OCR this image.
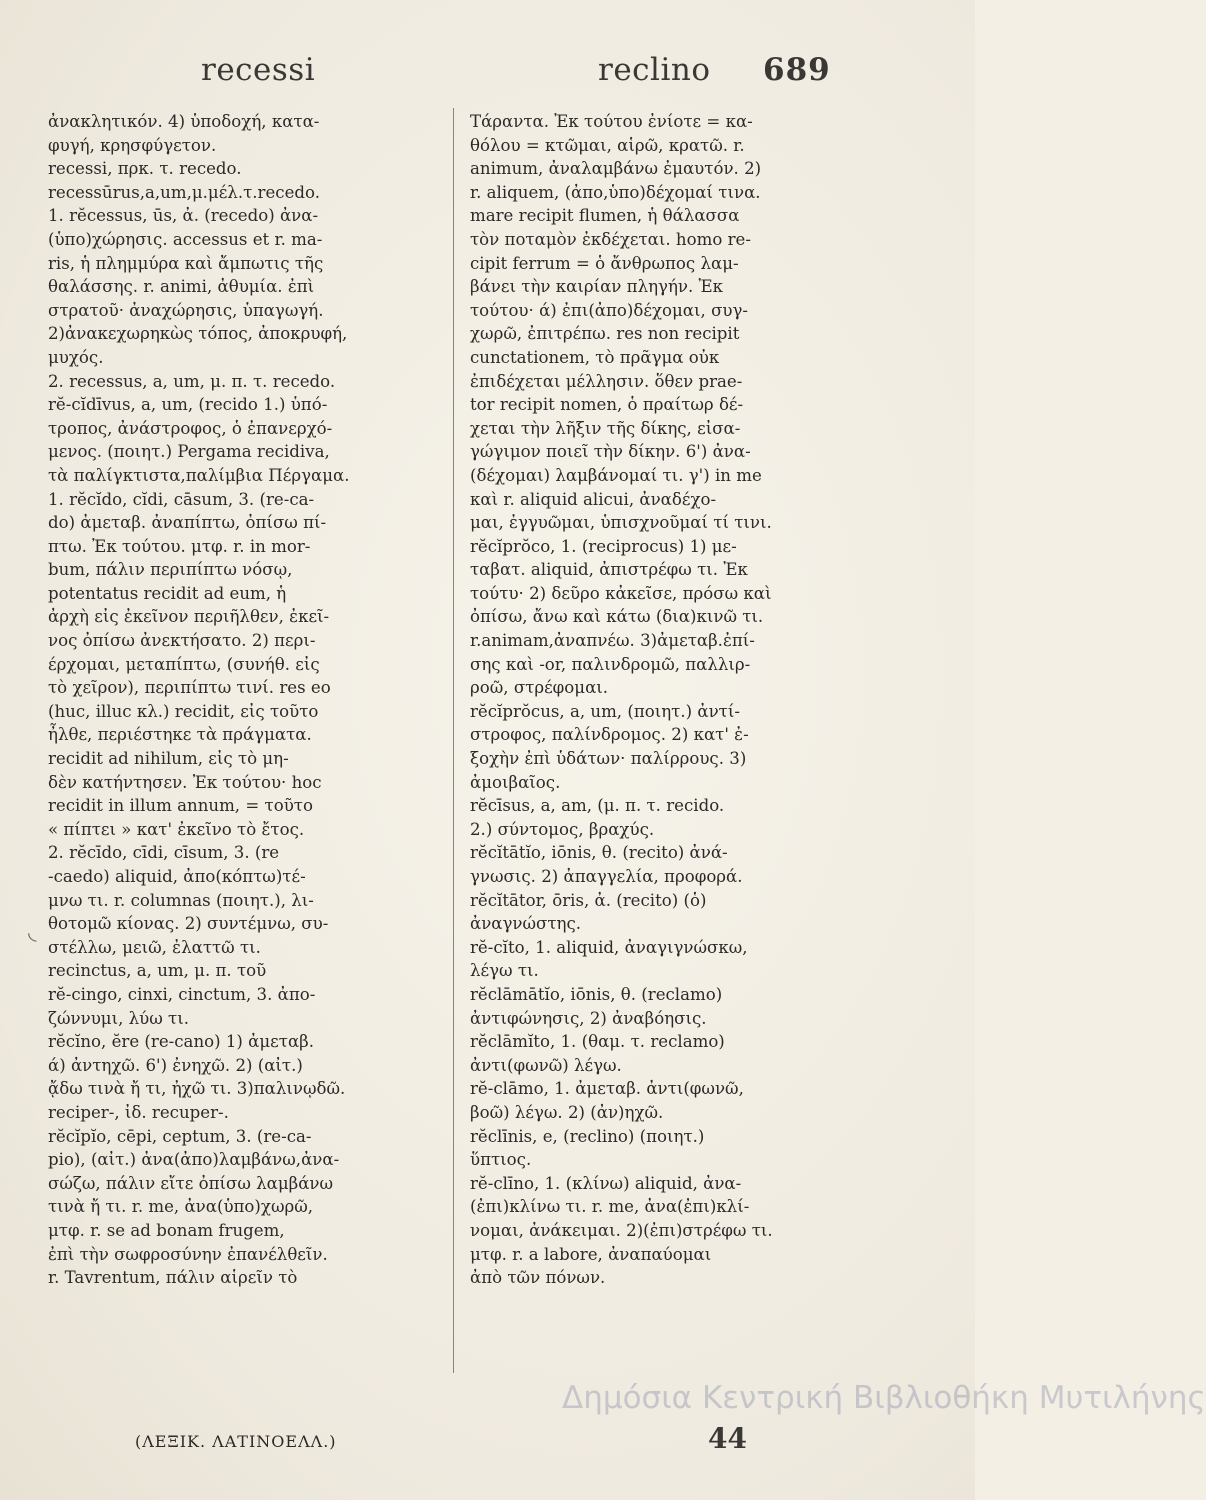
recessi	reclino 689
ἀνακλητικόν. 4) ὑποδοχή, κατα-
φυγή, κρησφύγετον.
recessi, πρκ. τ. recedo.
recessūrus,a,um,μ.μέλ.τ.recedo.
1. rĕcessus, ūs, ἀ. (recedo) ἀνα-
(ὑπο)χώρησις. accessus et r. ma-
ris, ἡ πλημμύρα καὶ ἄμπωτις τῆς
θαλάσσης. r. animi, ἀθυμία. ἐπὶ
στρατοῦ· ἀναχώρησις, ὑπαγωγή.
2)ἀνακεχωρηκὼς τόπος, ἀποκρυφή,
μυχός.
2. recessus, a, um, μ. π. τ. recedo.
rĕ-cĭdīvus, a, um, (recido 1.) ὑπό-
τροπος, ἀνάστροφος, ὁ ἐπανερχό-
μενος. (ποιητ.) Pergama recidiva,
τὰ παλίγκτιστα,παλίμβια Πέργαμα.
1. rĕcĭdo, cĭdi, cāsum, 3. (re-ca-
do) ἀμεταβ. ἀναπίπτω, ὀπίσω πί-
πτω. Ἐκ τούτου. μτφ. r. in mor-
bum, πάλιν περιπίπτω νόσῳ,
potentatus recidit ad eum, ἡ
ἀρχὴ εἰς ἐκεῖνον περιῆλθεν, ἐκεῖ-
νος ὀπίσω ἀνεκτήσατο. 2) περι-
έρχομαι, μεταπίπτω, (συνήθ. εἰς
τὸ χεῖρον), περιπίπτω τινί. res eo
(huc, illuc κλ.) recidit, εἰς τοῦτο
ἦλθε, περιέστηκε τὰ πράγματα.
recidit ad nihilum, εἰς τὸ μη-
δὲν κατήντησεν. Ἐκ τούτου· hoc
recidit in illum annum, = τοῦτο
« πίπτει » κατ' ἐκεῖνο τὸ ἔτος.
2. rĕcīdo, cīdi, cīsum, 3. (re
-caedo) aliquid, ἀπο(κόπτω)τέ-
μνω τι. r. columnas (ποιητ.), λι-
θοτομῶ κίονας. 2) συντέμνω, συ-
στέλλω, μειῶ, ἐλαττῶ τι.
recinctus, a, um, μ. π. τοῦ
rĕ-cingo, cinxi, cinctum, 3. ἀπο-
ζώννυμι, λύω τι.
rĕcĭno, ĕre (re-cano) 1) ἀμεταβ.
ά) ἀντηχῶ. 6') ἐνηχῶ. 2) (αἰτ.)
ᾄδω τινὰ ἤ τι, ἠχῶ τι. 3)παλινῳδῶ.
reciper-, ἰδ. recuper-.
rĕcĭpĭo, cēpi, ceptum, 3. (re-ca-
pio), (αἰτ.) ἀνα(ἀπο)λαμβάνω,ἀνα-
σώζω, πάλιν εἴτε ὀπίσω λαμβάνω
τινὰ ἤ τι. r. me, ἀνα(ὑπο)χωρῶ,
μτφ. r. se ad bonam frugem,
ἐπὶ τὴν σωφροσύνην ἐπανέλθεῖν.
r. Tavrentum, πάλιν αἱρεῖν τὸ
Τάραντα. Ἐκ τούτου ἐνίοτε = κα-
θόλου = κτῶμαι, αἱρῶ, κρατῶ. r.
animum, ἀναλαμβάνω ἐμαυτόν. 2)
r. aliquem, (ἀπο,ὑπο)δέχομαί τινα.
mare recipit flumen, ἡ θάλασσα
τὸν ποταμὸν ἐκδέχεται. homo re-
cipit ferrum = ὁ ἄνθρωπος λαμ-
βάνει τὴν καιρίαν πληγήν. Ἐκ
τούτου· ά) ἐπι(ἀπο)δέχομαι, συγ-
χωρῶ, ἐπιτρέπω. res non recipit
cunctationem, τὸ πρᾶγμα οὐκ
ἐπιδέχεται μέλλησιν. ὅθεν prae-
tor recipit nomen, ὁ πραίτωρ δέ-
χεται τὴν λῆξιν τῆς δίκης, εἰσα-
γώγιμον ποιεῖ τὴν δίκην. 6') ἀνα-
(δέχομαι) λαμβάνομαί τι. γ') in me
καὶ r. aliquid alicui, ἀναδέχο-
μαι, ἐγγυῶμαι, ὑπισχνοῦμαί τί τινι.
rĕcĭprŏco, 1. (reciprocus) 1) με-
ταβατ. aliquid, ἀπιστρέφω τι. Ἐκ
τούτυ· 2) δεῦρο κἀκεῖσε, πρόσω καὶ
ὀπίσω, ἄνω καὶ κάτω (δια)κινῶ τι.
r.animam,ἀναπνέω. 3)ἀμεταβ.ἐπί-
σης καὶ -or, παλινδρομῶ, παλλιρ-
ροῶ, στρέφομαι.
rĕcĭprŏcus, a, um, (ποιητ.) ἀντί-
στροφος, παλίνδρομος. 2) κατ' ἐ-
ξοχὴν ἐπὶ ὑδάτων· παλίρρους. 3)
ἀμοιβαῖος.
rĕcīsus, a, am, (μ. π. τ. recido.
2.) σύντομος, βραχύς.
rĕcĭtātĭo, iōnis, θ. (recito) ἀνά-
γνωσις. 2) ἀπαγγελία, προφορά.
rĕcĭtātor, ōris, ἀ. (recito) (ὁ)
ἀναγνώστης.
rĕ-cĭto, 1. aliquid, ἀναγιγνώσκω,
λέγω τι.
rĕclāmātĭo, iōnis, θ. (reclamo)
ἀντιφώνησις, 2) ἀναβόησις.
rĕclāmĭto, 1. (θαμ. τ. reclamo)
ἀντι(φωνῶ) λέγω.
rĕ-clāmo, 1. ἀμεταβ. ἀντι(φωνῶ,
βοῶ) λέγω. 2) (ἀν)ηχῶ.
rĕclīnis, e, (reclino) (ποιητ.)
ὕπτιος.
rĕ-clīno, 1. (κλίνω) aliquid, ἀνα-
(ἐπι)κλίνω τι. r. me, ἀνα(ἐπι)κλί-
νομαι, ἀνάκειμαι. 2)(ἐπι)στρέφω τι.
μτφ. r. a labore, ἀναπαύομαι
ἀπὸ τῶν πόνων.
◟
Δημόσια Κεντρική Βιβλιοθήκη Μυτιλήνης
(ΛΕΞΙΚ. ΛΑΤΙΝΟΕΛΛ.)	44
